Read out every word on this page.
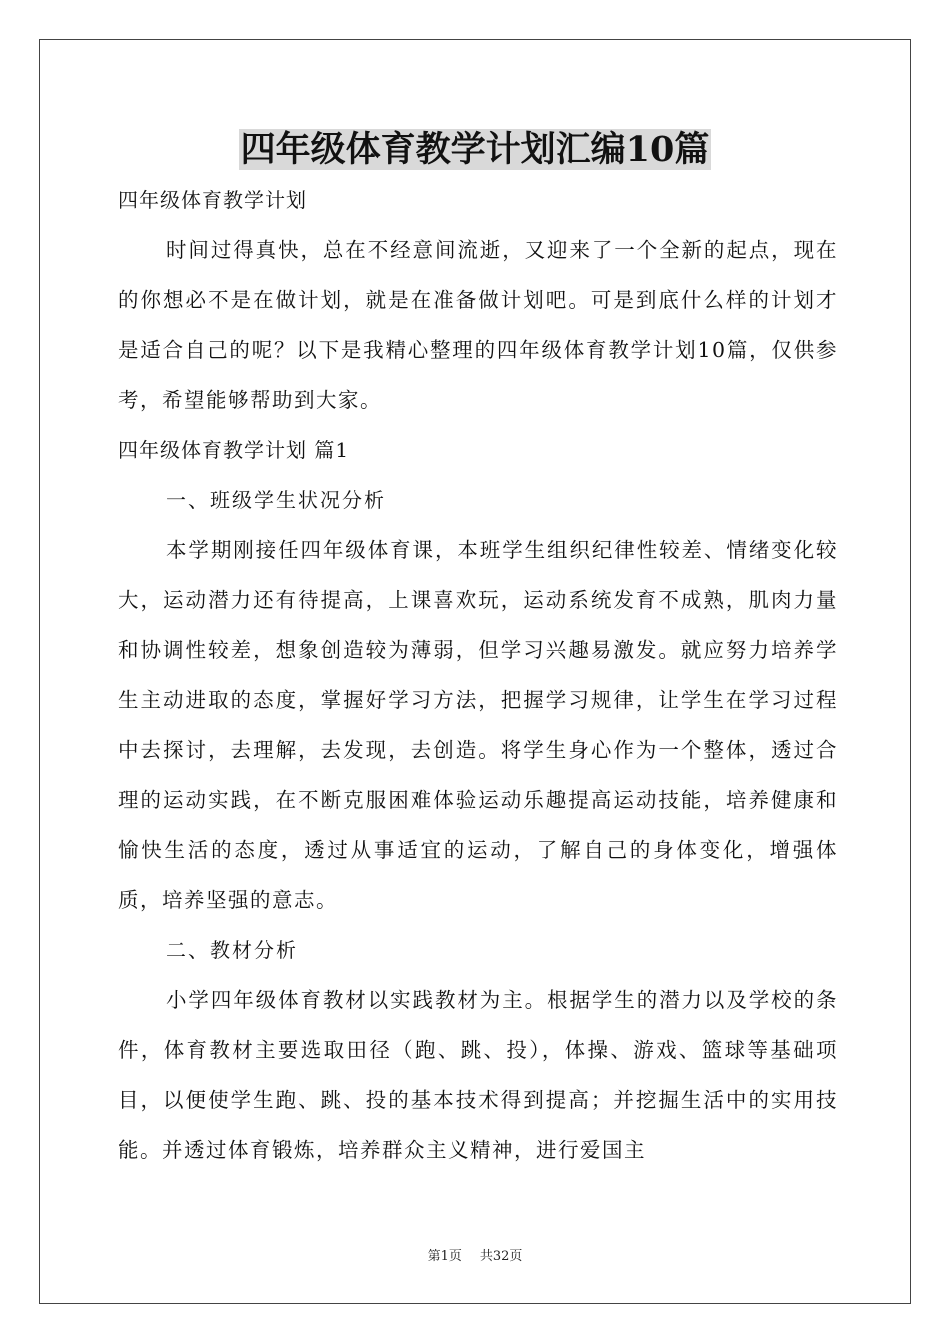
四年级体育教学计划汇编10篇

四年级体育教学计划

时间过得真快，总在不经意间流逝，又迎来了一个全新的起点，现在的你想必不是在做计划，就是在准备做计划吧。可是到底什么样的计划才是适合自己的呢？以下是我精心整理的四年级体育教学计划10篇，仅供参考，希望能够帮助到大家。

四年级体育教学计划 篇1

一、班级学生状况分析

本学期刚接任四年级体育课，本班学生组织纪律性较差、情绪变化较大，运动潜力还有待提高，上课喜欢玩，运动系统发育不成熟，肌肉力量和协调性较差，想象创造较为薄弱，但学习兴趣易激发。就应努力培养学生主动进取的态度，掌握好学习方法，把握学习规律，让学生在学习过程中去探讨，去理解，去发现，去创造。将学生身心作为一个整体，透过合理的运动实践，在不断克服困难体验运动乐趣提高运动技能，培养健康和愉快生活的态度，透过从事适宜的运动，了解自己的身体变化，增强体质，培养坚强的意志。

二、教材分析

小学四年级体育教材以实践教材为主。根据学生的潜力以及学校的条件，体育教材主要选取田径（跑、跳、投），体操、游戏、篮球等基础项目，以便使学生跑、跳、投的基本技术得到提高；并挖掘生活中的实用技能。并透过体育锻炼，培养群众主义精神，进行爱国主

第1页 共32页
